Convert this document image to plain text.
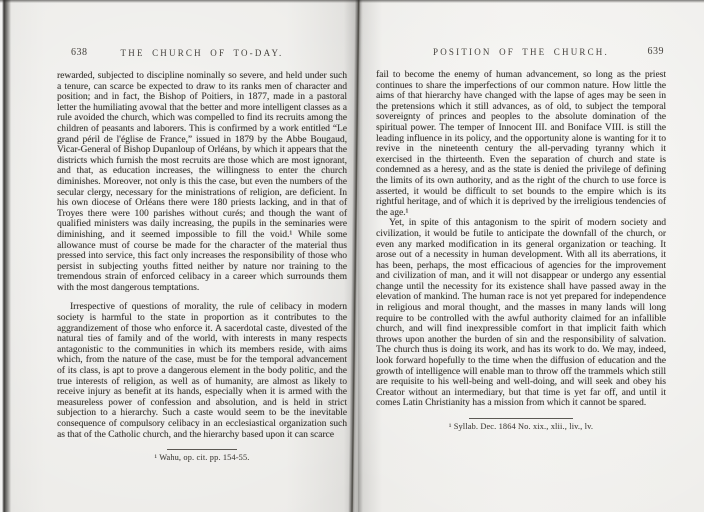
638	THE CHURCH OF TO-DAY.

rewarded, subjected to discipline nominally so severe, and held under such a tenure, can scarce be expected to draw to its ranks men of character and position; and in fact, the Bishop of Poitiers, in 1877, made in a pastoral letter the humiliating avowal that the better and more intelligent classes as a rule avoided the church, which was compelled to find its recruits among the children of peasants and laborers. This is confirmed by a work entitled “Le grand péril de l'église de France,” issued in 1879 by the Abbe Bougaud, Vicar-General of Bishop Dupanloup of Orléans, by which it appears that the districts which furnish the most recruits are those which are most ignorant, and that, as education increases, the willingness to enter the church diminishes. Moreover, not only is this the case, but even the numbers of the secular clergy, necessary for the ministrations of religion, are deficient. In his own diocese of Orléans there were 180 priests lacking, and in that of Troyes there were 100 parishes without curés; and though the want of qualified ministers was daily increasing, the pupils in the seminaries were diminishing, and it seemed impossible to fill the void.¹ While some allowance must of course be made for the character of the material thus pressed into service, this fact only increases the responsibility of those who persist in subjecting youths fitted neither by nature nor training to the tremendous strain of enforced celibacy in a career which surrounds them with the most dangerous temptations.

Irrespective of questions of morality, the rule of celibacy in modern society is harmful to the state in proportion as it contributes to the aggrandizement of those who enforce it. A sacerdotal caste, divested of the natural ties of family and of the world, with interests in many respects antagonistic to the communities in which its members reside, with aims which, from the nature of the case, must be for the temporal advancement of its class, is apt to prove a dangerous element in the body politic, and the true interests of religion, as well as of humanity, are almost as likely to receive injury as benefit at its hands, especially when it is armed with the measureless power of confession and absolution, and is held in strict subjection to a hierarchy. Such a caste would seem to be the inevitable consequence of compulsory celibacy in an ecclesiastical organization such as that of the Catholic church, and the hierarchy based upon it can scarce

¹ Wahu, op. cit. pp. 154-55.
POSITION OF THE CHURCH.	639

fail to become the enemy of human advancement, so long as the priest continues to share the imperfections of our common nature. How little the aims of that hierarchy have changed with the lapse of ages may be seen in the pretensions which it still advances, as of old, to subject the temporal sovereignty of princes and peoples to the absolute domination of the spiritual power. The temper of Innocent III. and Boniface VIII. is still the leading influence in its policy, and the opportunity alone is wanting for it to revive in the nineteenth century the all-pervading tyranny which it exercised in the thirteenth. Even the separation of church and state is condemned as a heresy, and as the state is denied the privilege of defining the limits of its own authority, and as the right of the church to use force is asserted, it would be difficult to set bounds to the empire which is its rightful heritage, and of which it is deprived by the irreligious tendencies of the age.¹

Yet, in spite of this antagonism to the spirit of modern society and civilization, it would be futile to anticipate the downfall of the church, or even any marked modification in its general organization or teaching. It arose out of a necessity in human development. With all its aberrations, it has been, perhaps, the most efficacious of agencies for the improvement and civilization of man, and it will not disappear or undergo any essential change until the necessity for its existence shall have passed away in the elevation of mankind. The human race is not yet prepared for independence in religious and moral thought, and the masses in many lands will long require to be controlled with the awful authority claimed for an infallible church, and will find inexpressible comfort in that implicit faith which throws upon another the burden of sin and the responsibility of salvation. The church thus is doing its work, and has its work to do. We may, indeed, look forward hopefully to the time when the diffusion of education and the growth of intelligence will enable man to throw off the trammels which still are requisite to his well-being and well-doing, and will seek and obey his Creator without an intermediary, but that time is yet far off, and until it comes Latin Christianity has a mission from which it cannot be spared.

¹ Syllab. Dec. 1864 No. xix., xlii., liv., lv.
